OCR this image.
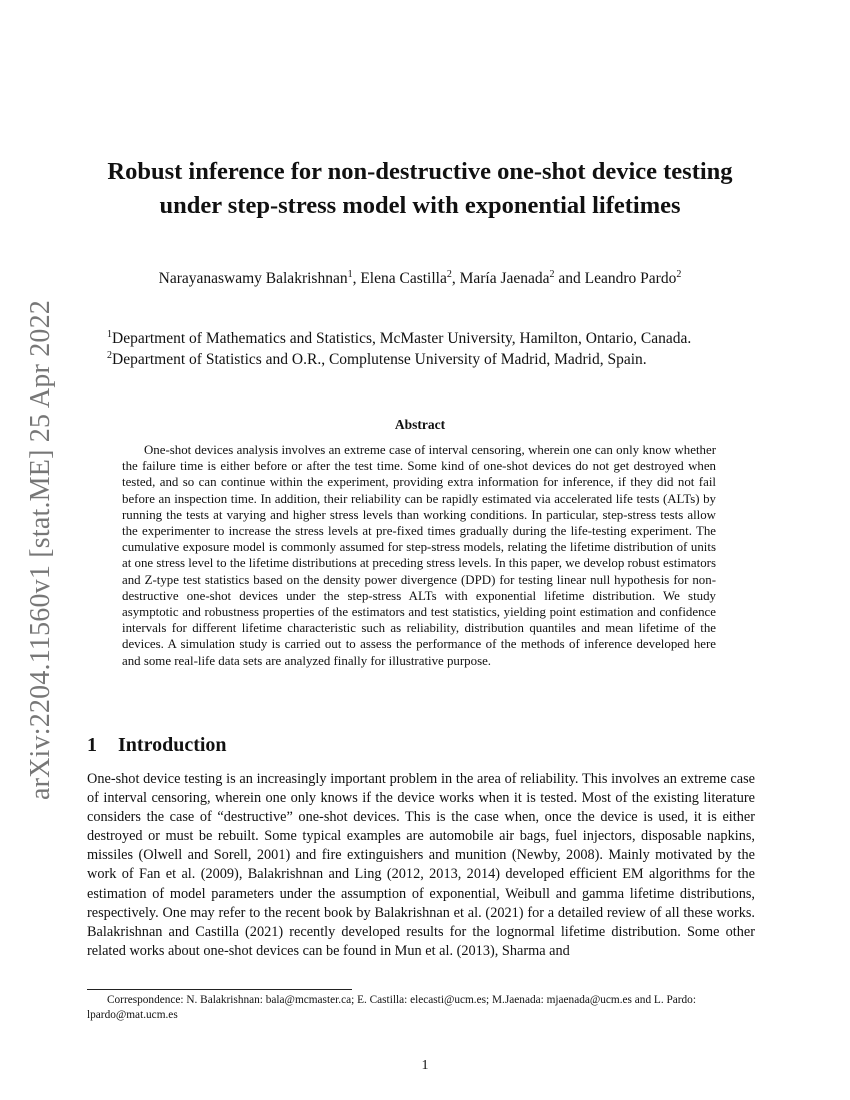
arXiv:2204.11560v1 [stat.ME] 25 Apr 2022
Robust inference for non-destructive one-shot device testing under step-stress model with exponential lifetimes
Narayanaswamy Balakrishnan$^1$, Elena Castilla$^2$, María Jaenada$^2$ and Leandro Pardo$^2$
$^1$Department of Mathematics and Statistics, McMaster University, Hamilton, Ontario, Canada.
$^2$Department of Statistics and O.R., Complutense University of Madrid, Madrid, Spain.
Abstract

One-shot devices analysis involves an extreme case of interval censoring, wherein one can only know whether the failure time is either before or after the test time. Some kind of one-shot devices do not get destroyed when tested, and so can continue within the experiment, providing extra information for inference, if they did not fail before an inspection time. In addition, their reliability can be rapidly estimated via accelerated life tests (ALTs) by running the tests at varying and higher stress levels than working conditions. In particular, step-stress tests allow the experimenter to increase the stress levels at pre-fixed times gradually during the life-testing experiment. The cumulative exposure model is commonly assumed for step-stress models, relating the lifetime distribution of units at one stress level to the lifetime distributions at preceding stress levels. In this paper, we develop robust estimators and Z-type test statistics based on the density power divergence (DPD) for testing linear null hypothesis for non-destructive one-shot devices under the step-stress ALTs with exponential lifetime distribution. We study asymptotic and robustness properties of the estimators and test statistics, yielding point estimation and confidence intervals for different lifetime characteristic such as reliability, distribution quantiles and mean lifetime of the devices. A simulation study is carried out to assess the performance of the methods of inference developed here and some real-life data sets are analyzed finally for illustrative purpose.

1 Introduction

One-shot device testing is an increasingly important problem in the area of reliability. This involves an extreme case of interval censoring, wherein one only knows if the device works when it is tested. Most of the existing literature considers the case of “destructive” one-shot devices. This is the case when, once the device is used, it is either destroyed or must be rebuilt. Some typical examples are automobile air bags, fuel injectors, disposable napkins, missiles (Olwell and Sorell, 2001) and fire extinguishers and munition (Newby, 2008). Mainly motivated by the work of Fan et al. (2009), Balakrishnan and Ling (2012, 2013, 2014) developed efficient EM algorithms for the estimation of model parameters under the assumption of exponential, Weibull and gamma lifetime distributions, respectively. One may refer to the recent book by Balakrishnan et al. (2021) for a detailed review of all these works. Balakrishnan and Castilla (2021) recently developed results for the lognormal lifetime distribution. Some other related works about one-shot devices can be found in Mun et al. (2013), Sharma and

Correspondence: N. Balakrishnan: bala@mcmaster.ca; E. Castilla: elecasti@ucm.es; M.Jaenada: mjaenada@ucm.es and L. Pardo: lpardo@mat.ucm.es

1
